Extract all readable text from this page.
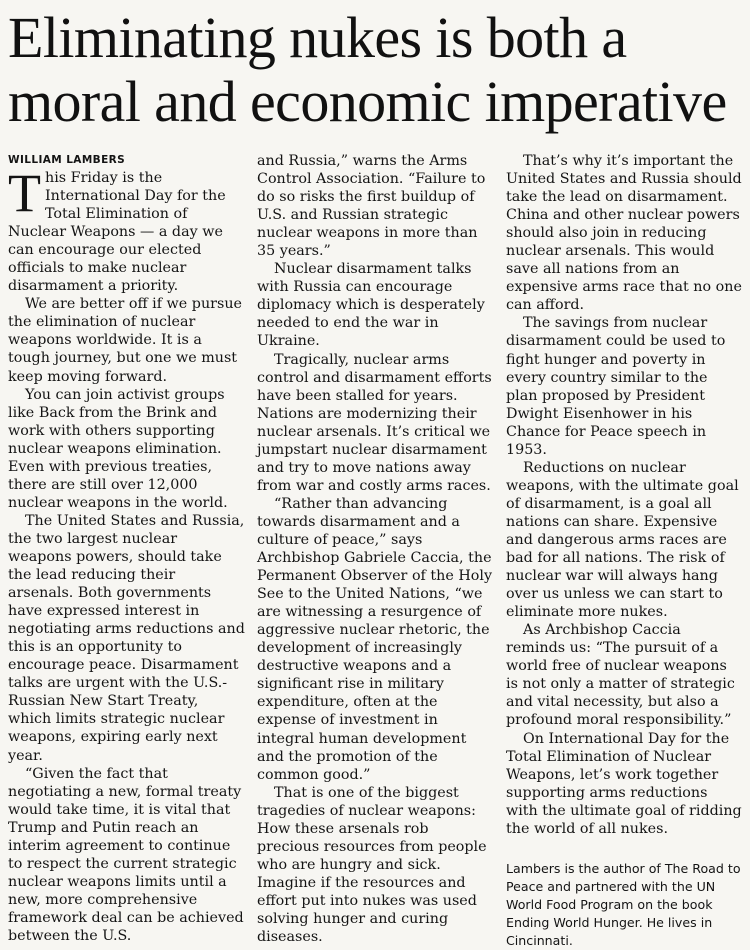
Eliminating nukes is both a moral and economic imperative
WILLIAM LAMBERS

This Friday is the International Day for the Total Elimination of Nuclear Weapons — a day we can encourage our elected officials to make nuclear disarmament a priority.

We are better off if we pursue the elimination of nuclear weapons worldwide. It is a tough journey, but one we must keep moving forward.

You can join activist groups like Back from the Brink and work with others supporting nuclear weapons elimination. Even with previous treaties, there are still over 12,000 nuclear weapons in the world.

The United States and Russia, the two largest nuclear weapons powers, should take the lead reducing their arsenals. Both governments have expressed interest in negotiating arms reductions and this is an opportunity to encourage peace. Disarmament talks are urgent with the U.S.-Russian New Start Treaty, which limits strategic nuclear weapons, expiring early next year.

“Given the fact that negotiating a new, formal treaty would take time, it is vital that Trump and Putin reach an interim agreement to continue to respect the current strategic nuclear weapons limits until a new, more comprehensive framework deal can be achieved between the U.S.

and Russia,” warns the Arms Control Association. “Failure to do so risks the first buildup of U.S. and Russian strategic nuclear weapons in more than 35 years.”

Nuclear disarmament talks with Russia can encourage diplomacy which is desperately needed to end the war in Ukraine.

Tragically, nuclear arms control and disarmament efforts have been stalled for years. Nations are modernizing their nuclear arsenals. It’s critical we jumpstart nuclear disarmament and try to move nations away from war and costly arms races.

“Rather than advancing towards disarmament and a culture of peace,” says Archbishop Gabriele Caccia, the Permanent Observer of the Holy See to the United Nations, “we are witnessing a resurgence of aggressive nuclear rhetoric, the development of increasingly destructive weapons and a significant rise in military expenditure, often at the expense of investment in integral human development and the promotion of the common good.”

That is one of the biggest tragedies of nuclear weapons: How these arsenals rob precious resources from people who are hungry and sick. Imagine if the resources and effort put into nukes was used solving hunger and curing diseases.

That’s why it’s important the United States and Russia should take the lead on disarmament. China and other nuclear powers should also join in reducing nuclear arsenals. This would save all nations from an expensive arms race that no one can afford.

The savings from nuclear disarmament could be used to fight hunger and poverty in every country similar to the plan proposed by President Dwight Eisenhower in his Chance for Peace speech in 1953.

Reductions on nuclear weapons, with the ultimate goal of disarmament, is a goal all nations can share. Expensive and dangerous arms races are bad for all nations. The risk of nuclear war will always hang over us unless we can start to eliminate more nukes.

As Archbishop Caccia reminds us: “The pursuit of a world free of nuclear weapons is not only a matter of strategic and vital necessity, but also a profound moral responsibility.”

On International Day for the Total Elimination of Nuclear Weapons, let’s work together supporting arms reductions with the ultimate goal of ridding the world of all nukes.

Lambers is the author of The Road to Peace and partnered with the UN World Food Program on the book Ending World Hunger. He lives in Cincinnati.
